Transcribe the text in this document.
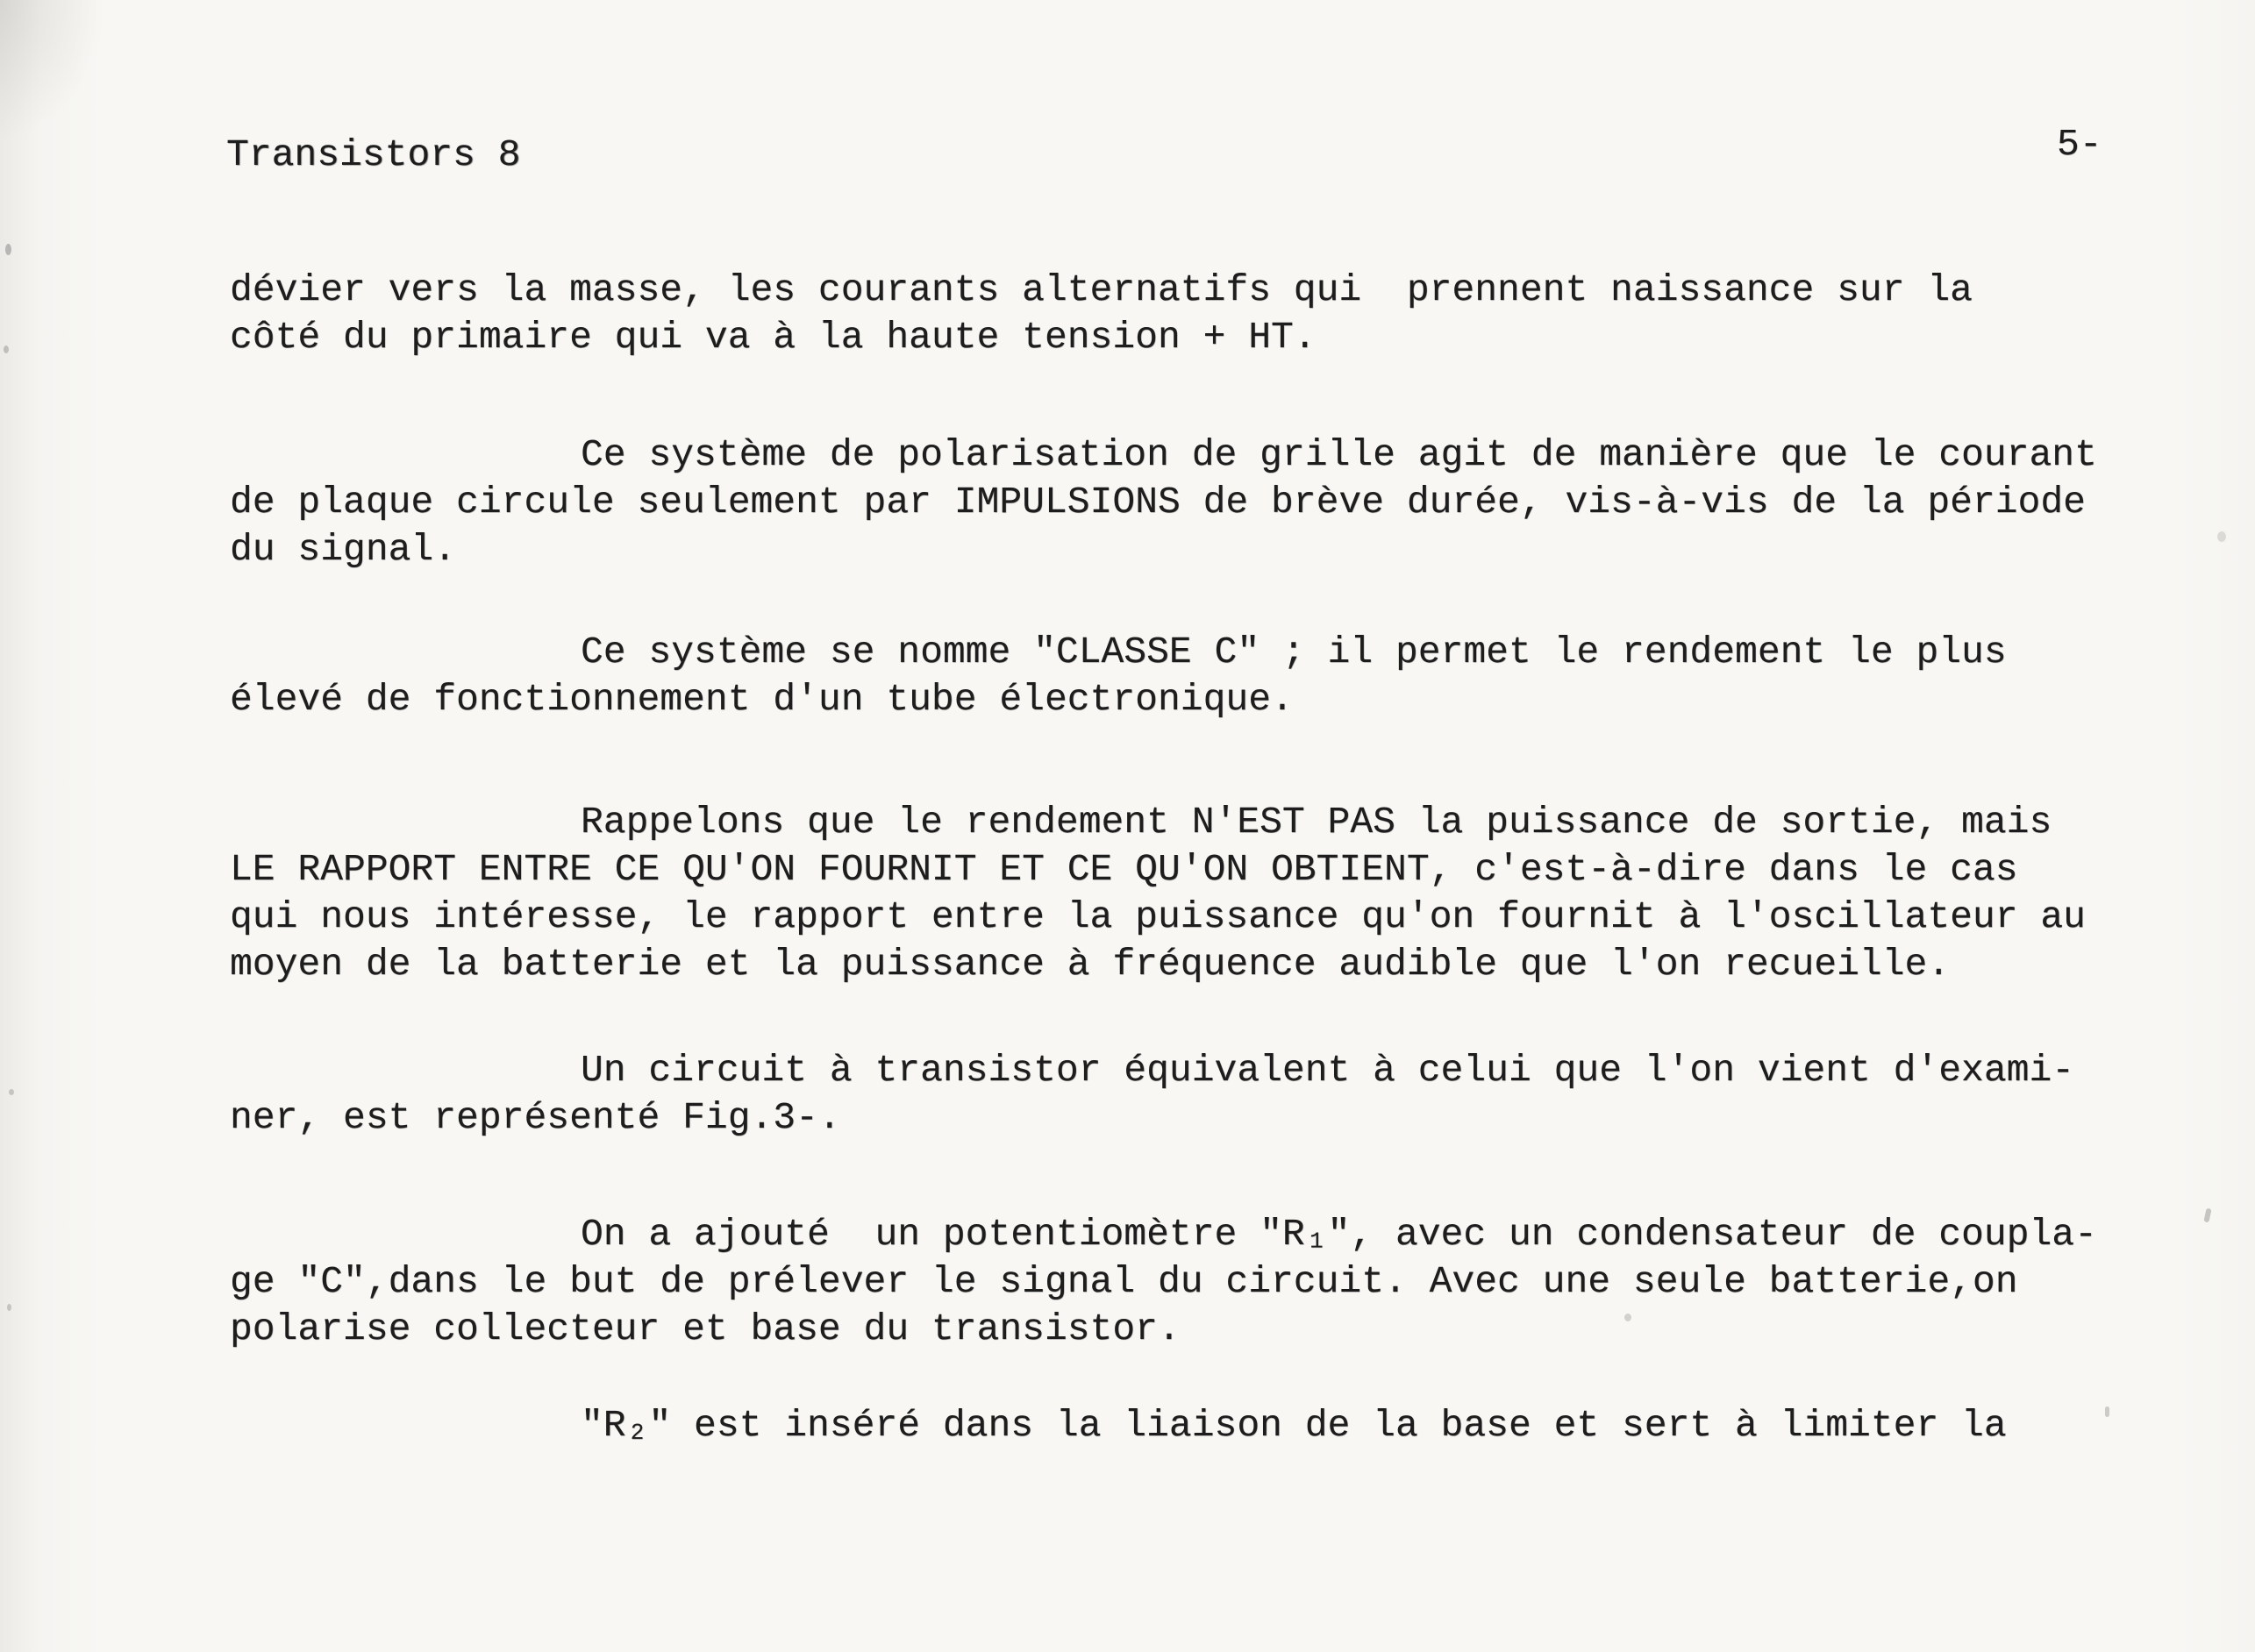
Transistors 8	5-
dévier vers la masse, les courants alternatifs qui  prennent naissance sur la
côté du primaire qui va à la haute tension + HT.
Ce système de polarisation de grille agit de manière que le courant
de plaque circule seulement par IMPULSIONS de brève durée, vis-à-vis de la période
du signal.
Ce système se nomme "CLASSE C" ; il permet le rendement le plus
élevé de fonctionnement d'un tube électronique.
Rappelons que le rendement N'EST PAS la puissance de sortie, mais
LE RAPPORT ENTRE CE QU'ON FOURNIT ET CE QU'ON OBTIENT, c'est-à-dire dans le cas
qui nous intéresse, le rapport entre la puissance qu'on fournit à l'oscillateur au
moyen de la batterie et la puissance à fréquence audible que l'on recueille.
Un circuit à transistor équivalent à celui que l'on vient d'exami-
ner, est représenté Fig.3-.
On a ajouté  un potentiomètre "R₁", avec un condensateur de coupla-
ge "C",dans le but de prélever le signal du circuit. Avec une seule batterie,on
polarise collecteur et base du transistor.
"R₂" est inséré dans la liaison de la base et sert à limiter la
